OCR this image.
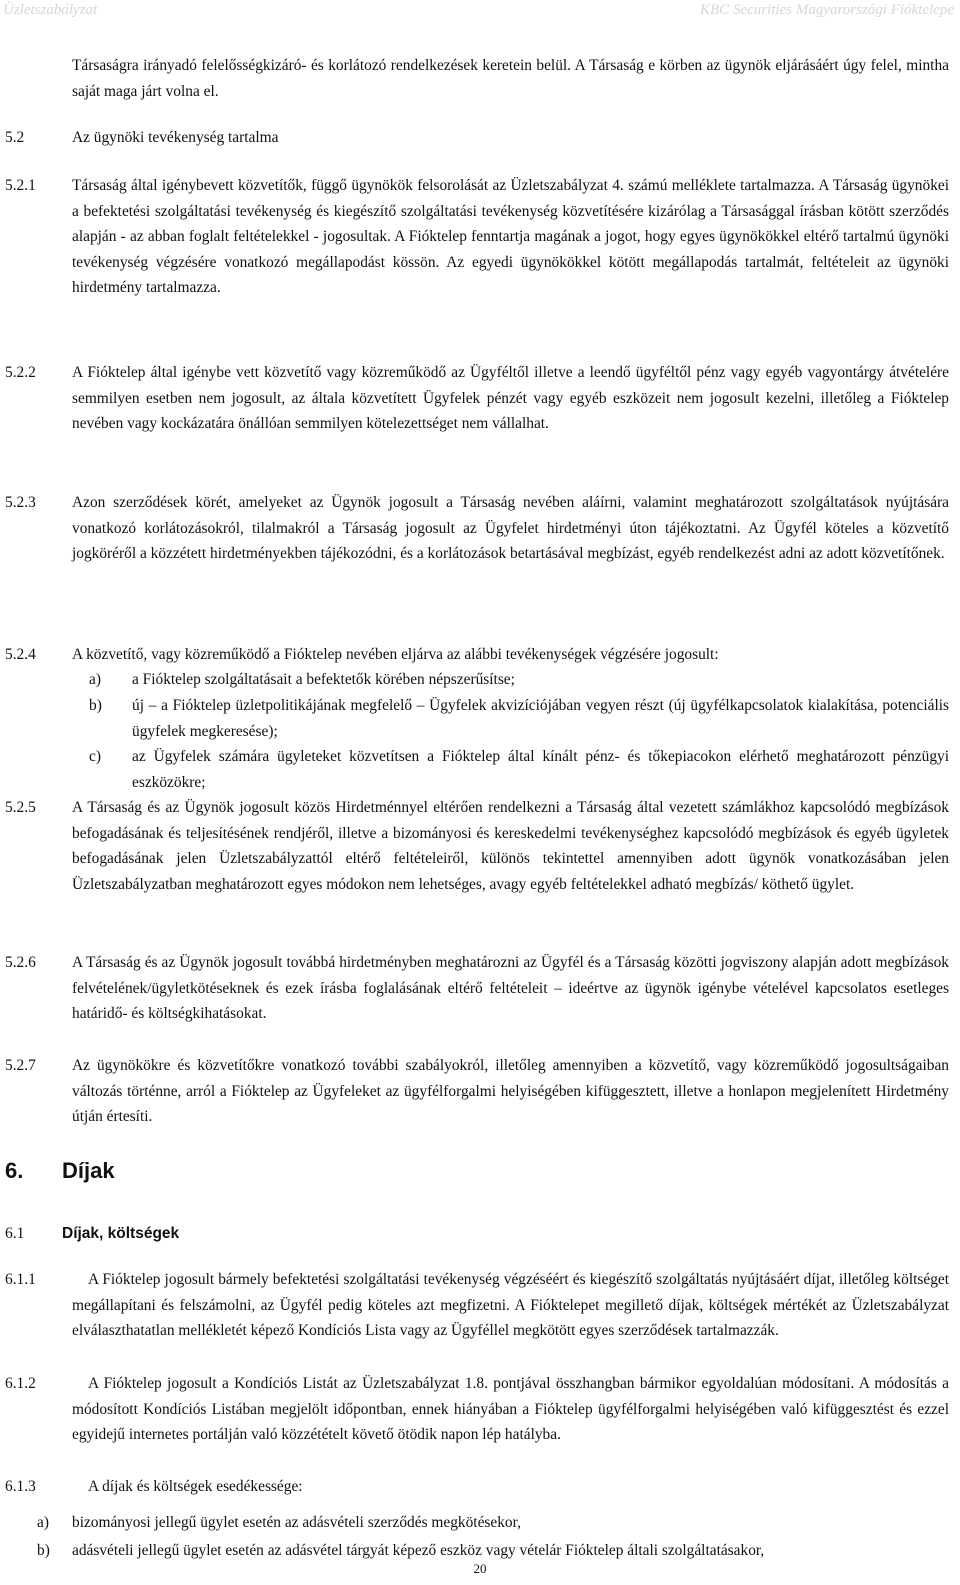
Üzletszabályzat	KBC Securities Magyarországi Fióktelepe
Társaságra irányadó felelősségkizáró- és korlátozó rendelkezések keretein belül. A Társaság e körben az ügynök eljárásáért úgy felel, mintha saját maga járt volna el.
5.2	Az ügynöki tevékenység tartalma
5.2.1 Társaság által igénybevett közvetítők, függő ügynökök felsorolását az Üzletszabályzat 4. számú melléklete tartalmazza. A Társaság ügynökei a befektetési szolgáltatási tevékenység és kiegészítő szolgáltatási tevékenység közvetítésére kizárólag a Társasággal írásban kötött szerződés alapján - az abban foglalt feltételekkel - jogosultak. A Fióktelep fenntartja magának a jogot, hogy egyes ügynökökkel eltérő tartalmú ügynöki tevékenység végzésére vonatkozó megállapodást kössön. Az egyedi ügynökökkel kötött megállapodás tartalmát, feltételeit az ügynöki hirdetmény tartalmazza.
5.2.2 A Fióktelep által igénybe vett közvetítő vagy közreműködő az Ügyféltől illetve a leendő ügyféltől pénz vagy egyéb vagyontárgy átvételére semmilyen esetben nem jogosult, az általa közvetített Ügyfelek pénzét vagy egyéb eszközeit nem jogosult kezelni, illetőleg a Fióktelep nevében vagy kockázatára önállóan semmilyen kötelezettséget nem vállalhat.
5.2.3 Azon szerződések körét, amelyeket az Ügynök jogosult a Társaság nevében aláírni, valamint meghatározott szolgáltatások nyújtására vonatkozó korlátozásokról, tilalmakról a Társaság jogosult az Ügyfelet hirdetményi úton tájékoztatni. Az Ügyfél köteles a közvetítő jogköréről a közzétett hirdetményekben tájékozódni, és a korlátozások betartásával megbízást, egyéb rendelkezést adni az adott közvetítőnek.
5.2.4 A közvetítő, vagy közreműködő a Fióktelep nevében eljárva az alábbi tevékenységek végzésére jogosult:
a) a Fióktelep szolgáltatásait a befektetők körében népszerűsítse;
b) új – a Fióktelep üzletpolitikájának megfelelő – Ügyfelek akvizíciójában vegyen részt (új ügyfélkapcsolatok kialakítása, potenciális ügyfelek megkeresése);
c) az Ügyfelek számára ügyleteket közvetítsen a Fióktelep által kínált pénz- és tőkepiacokon elérhető meghatározott pénzügyi eszközökre;
5.2.5 A Társaság és az Ügynök jogosult közös Hirdetménnyel eltérően rendelkezni a Társaság által vezetett számlákhoz kapcsolódó megbízások befogadásának és teljesítésének rendjéről, illetve a bizományosi és kereskedelmi tevékenységhez kapcsolódó megbízások és egyéb ügyletek befogadásának jelen Üzletszabályzattól eltérő feltételeiről, különös tekintettel amennyiben adott ügynök vonatkozásában jelen Üzletszabályzatban meghatározott egyes módokon nem lehetséges, avagy egyéb feltételekkel adható megbízás/ köthető ügylet.
5.2.6 A Társaság és az Ügynök jogosult továbbá hirdetményben meghatározni az Ügyfél és a Társaság közötti jogviszony alapján adott megbízások felvételének/ügyletkötéseknek és ezek írásba foglalásának eltérő feltételeit – ideértve az ügynök igénybe vételével kapcsolatos esetleges határidő- és költségkihatásokat.
5.2.7 Az ügynökökre és közvetítőkre vonatkozó további szabályokról, illetőleg amennyiben a közvetítő, vagy közreműködő jogosultságaiban változás történne, arról a Fióktelep az Ügyfeleket az ügyfélforgalmi helyiségében kifüggesztett, illetve a honlapon megjelenített Hirdetmény útján értesíti.
6. Díjak
6.1 Díjak, költségek
6.1.1	A Fióktelep jogosult bármely befektetési szolgáltatási tevékenység végzéséért és kiegészítő szolgáltatás nyújtásáért díjat, illetőleg költséget megállapítani és felszámolni, az Ügyfél pedig köteles azt megfizetni. A Fióktelepet megillető díjak, költségek mértékét az Üzletszabályzat elválaszthatatlan mellékletét képező Kondíciós Lista vagy az Ügyféllel megkötött egyes szerződések tartalmazzák.
6.1.2	A Fióktelep jogosult a Kondíciós Listát az Üzletszabályzat 1.8. pontjával összhangban bármikor egyoldalúan módosítani. A módosítás a módosított Kondíciós Listában megjelölt időpontban, ennek hiányában a Fióktelep ügyfélforgalmi helyiségében való kifüggesztést és ezzel egyidejű internetes portálján való közzétételt követő ötödik napon lép hatályba.
6.1.3	A díjak és költségek esedékessége:
a) bizományosi jellegű ügylet esetén az adásvételi szerződés megkötésekor,
b) adásvételi jellegű ügylet esetén az adásvétel tárgyát képező eszköz vagy vételár Fióktelep általi szolgáltatásakor,
20
